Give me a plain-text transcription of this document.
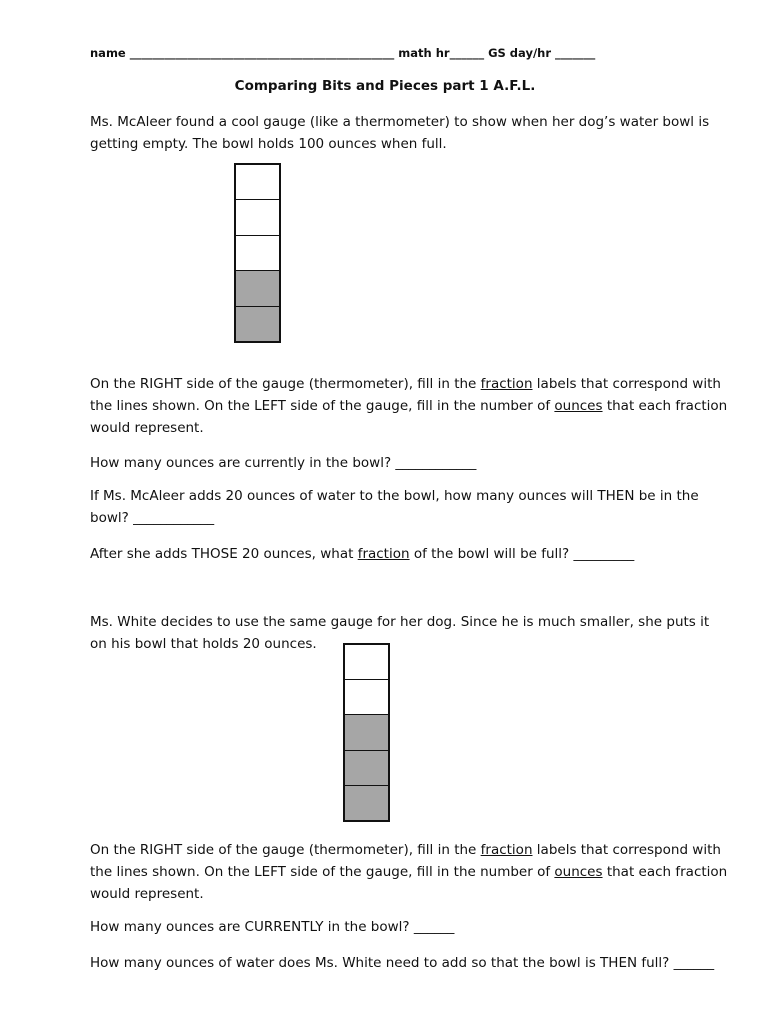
name ______________________________________________ math hr______ GS day/hr _______
Comparing Bits and Pieces part 1 A.F.L.
Ms. McAleer found a cool gauge (like a thermometer) to show when her dog’s water bowl is getting empty. The bowl holds 100 ounces when full.
On the RIGHT side of the gauge (thermometer), fill in the fraction labels that correspond with the lines shown. On the LEFT side of the gauge, fill in the number of ounces that each fraction would represent.
How many ounces are currently in the bowl? ____________
If Ms. McAleer adds 20 ounces of water to the bowl, how many ounces will THEN be in the bowl? ____________
After she adds THOSE 20 ounces, what fraction of the bowl will be full? _________
Ms. White decides to use the same gauge for her dog. Since he is much smaller, she puts it on his bowl that holds 20 ounces.
On the RIGHT side of the gauge (thermometer), fill in the fraction labels that correspond with the lines shown. On the LEFT side of the gauge, fill in the number of ounces that each fraction would represent.
How many ounces are CURRENTLY in the bowl? ______
How many ounces of water does Ms. White need to add so that the bowl is THEN full? ______
